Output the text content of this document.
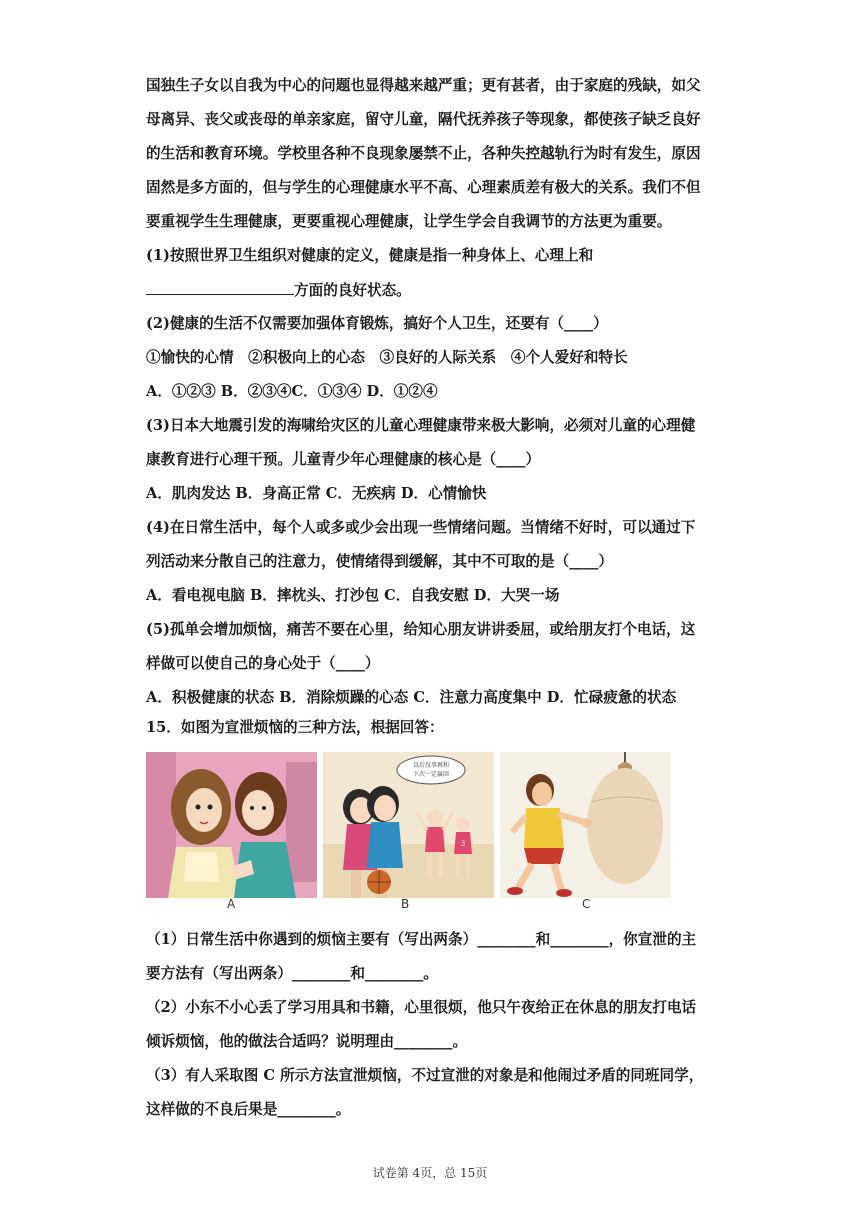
国独生子女以自我为中心的问题也显得越来越严重；更有甚者，由于家庭的残缺，如父
母离异、丧父或丧母的单亲家庭，留守儿童，隔代抚养孩子等现象，都使孩子缺乏良好
的生活和教育环境。学校里各种不良现象屡禁不止，各种失控越轨行为时有发生，原因
固然是多方面的，但与学生的心理健康水平不高、心理素质差有极大的关系。我们不但
要重视学生生理健康，更要重视心理健康，让学生学会自我调节的方法更为重要。
(1)按照世界卫生组织对健康的定义，健康是指一种身体上、心理上和
方面的良好状态。
(2)健康的生活不仅需要加强体育锻炼，搞好个人卫生，还要有（____）
①愉快的心情　②积极向上的心态　③良好的人际关系　④个人爱好和特长
A．①②③ B．②③④C．①③④ D．①②④
(3)日本大地震引发的海啸给灾区的儿童心理健康带来极大影响，必须对儿童的心理健
康教育进行心理干预。儿童青少年心理健康的核心是（____）
A．肌肉发达 B．身高正常 C．无疾病 D．心情愉快
(4)在日常生活中，每个人或多或少会出现一些情绪问题。当情绪不好时，可以通过下
列活动来分散自己的注意力，使情绪得到缓解，其中不可取的是（____）
A．看电视电脑 B．摔枕头、打沙包 C．自我安慰 D．大哭一场
(5)孤单会增加烦恼，痛苦不要在心里，给知心朋友讲讲委屈，或给朋友打个电话，这
样做可以使自己的身心处于（____）
A．积极健康的状态 B．消除烦躁的心态 C．注意力高度集中 D．忙碌疲惫的状态
15．如图为宣泄烦恼的三种方法，根据回答：
以后没事再和
下次一定赢回
3
A	B	C
（1）日常生活中你遇到的烦恼主要有（写出两条）________和________，你宣泄的主
要方法有（写出两条）________和________。
（2）小东不小心丢了学习用具和书籍，心里很烦，他只午夜给正在休息的朋友打电话
倾诉烦恼，他的做法合适吗？说明理由________。
（3）有人采取图 C 所示方法宣泄烦恼，不过宣泄的对象是和他闹过矛盾的同班同学，
这样做的不良后果是________。
试卷第 4页，总 15页
